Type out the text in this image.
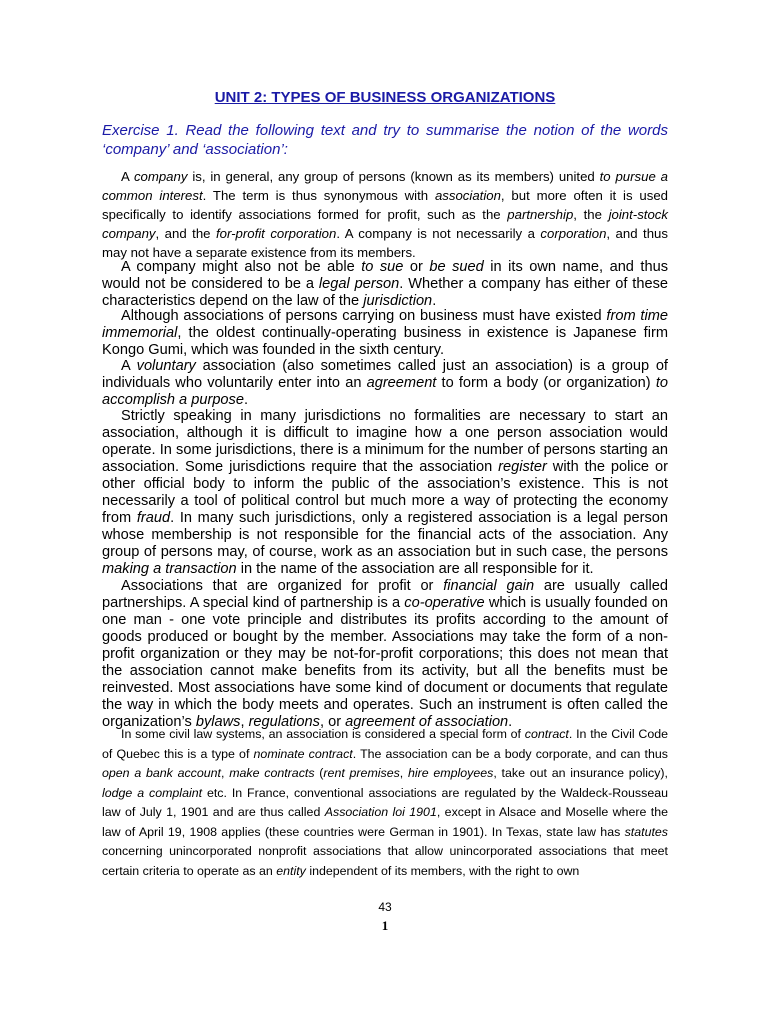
UNIT 2: TYPES OF BUSINESS ORGANIZATIONS
Exercise 1. Read the following text and try to summarise the notion of the words ‘company’ and ‘association’:

A company is, in general, any group of persons (known as its members) united to pursue a common interest. The term is thus synonymous with association, but more often it is used specifically to identify associations formed for profit, such as the partnership, the joint-stock company, and the for-profit corporation. A company is not necessarily a corporation, and thus may not have a separate existence from its members.

A company might also not be able to sue or be sued in its own name, and thus would not be considered to be a legal person. Whether a company has either of these characteristics depend on the law of the jurisdiction.

Although associations of persons carrying on business must have existed from time immemorial, the oldest continually-operating business in existence is Japanese firm Kongo Gumi, which was founded in the sixth century.

A voluntary association (also sometimes called just an association) is a group of individuals who voluntarily enter into an agreement to form a body (or organization) to accomplish a purpose.

Strictly speaking in many jurisdictions no formalities are necessary to start an association, although it is difficult to imagine how a one person association would operate. In some jurisdictions, there is a minimum for the number of persons starting an association. Some jurisdictions require that the association register with the police or other official body to inform the public of the association’s existence. This is not necessarily a tool of political control but much more a way of protecting the economy from fraud. In many such jurisdictions, only a registered association is a legal person whose membership is not responsible for the financial acts of the association. Any group of persons may, of course, work as an association but in such case, the persons making a transaction in the name of the association are all responsible for it.

Associations that are organized for profit or financial gain are usually called partnerships. A special kind of partnership is a co-operative which is usually founded on one man - one vote principle and distributes its profits according to the amount of goods produced or bought by the member. Associations may take the form of a non-profit organization or they may be not-for-profit corporations; this does not mean that the association cannot make benefits from its activity, but all the benefits must be reinvested. Most associations have some kind of document or documents that regulate the way in which the body meets and operates. Such an instrument is often called the organization’s bylaws, regulations, or agreement of association.

In some civil law systems, an association is considered a special form of contract. In the Civil Code of Quebec this is a type of nominate contract. The association can be a body corporate, and can thus open a bank account, make contracts (rent premises, hire employees, take out an insurance policy), lodge a complaint etc. In France, conventional associations are regulated by the Waldeck-Rousseau law of July 1, 1901 and are thus called Association loi 1901, except in Alsace and Moselle where the law of April 19, 1908 applies (these countries were German in 1901). In Texas, state law has statutes concerning unincorporated nonprofit associations that allow unincorporated associations that meet certain criteria to operate as an entity independent of its members, with the right to own

43
1
